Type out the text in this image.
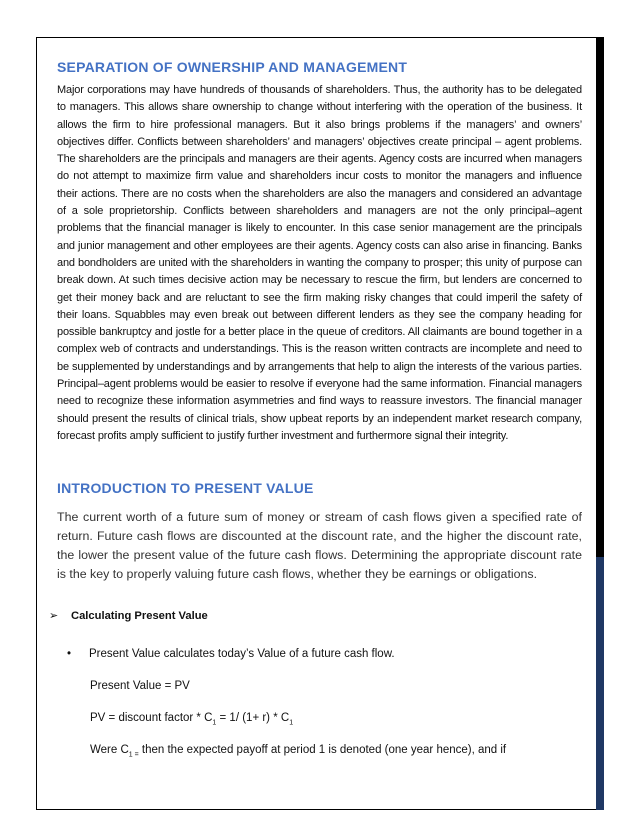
SEPARATION OF OWNERSHIP AND MANAGEMENT

Major corporations may have hundreds of thousands of shareholders. Thus, the authority has to be delegated to managers. This allows share ownership to change without interfering with the operation of the business. It allows the firm to hire professional managers. But it also brings problems if the managers’ and owners’ objectives differ. Conflicts between shareholders’ and managers’ objectives create principal – agent problems. The shareholders are the principals and managers are their agents. Agency costs are incurred when managers do not attempt to maximize firm value and shareholders incur costs to monitor the managers and influence their actions. There are no costs when the shareholders are also the managers and considered an advantage of a sole proprietorship. Conflicts between shareholders and managers are not the only principal–agent problems that the financial manager is likely to encounter. In this case senior management are the principals and junior management and other employees are their agents. Agency costs can also arise in financing. Banks and bondholders are united with the shareholders in wanting the company to prosper; this unity of purpose can break down. At such times decisive action may be necessary to rescue the firm, but lenders are concerned to get their money back and are reluctant to see the firm making risky changes that could imperil the safety of their loans. Squabbles may even break out between different lenders as they see the company heading for possible bankruptcy and jostle for a better place in the queue of creditors. All claimants are bound together in a complex web of contracts and understandings. This is the reason written contracts are incomplete and need to be supplemented by understandings and by arrangements that help to align the interests of the various parties. Principal–agent problems would be easier to resolve if everyone had the same information. Financial managers need to recognize these information asymmetries and find ways to reassure investors. The financial manager should present the results of clinical trials, show upbeat reports by an independent market research company, forecast profits amply sufficient to justify further investment and furthermore signal their integrity.

INTRODUCTION TO PRESENT VALUE

The current worth of a future sum of money or stream of cash flows given a specified rate of return. Future cash flows are discounted at the discount rate, and the higher the discount rate, the lower the present value of the future cash flows. Determining the appropriate discount rate is the key to properly valuing future cash flows, whether they be earnings or obligations.

➢ Calculating Present Value
• Present Value calculates today’s Value of a future cash flow.
Present Value = PV
PV = discount factor * $C_1 = 1/$ $(1+ r) * C_1$
Were $C_{1 =}$ then the expected payoff at period 1 is denoted (one year hence), and if
